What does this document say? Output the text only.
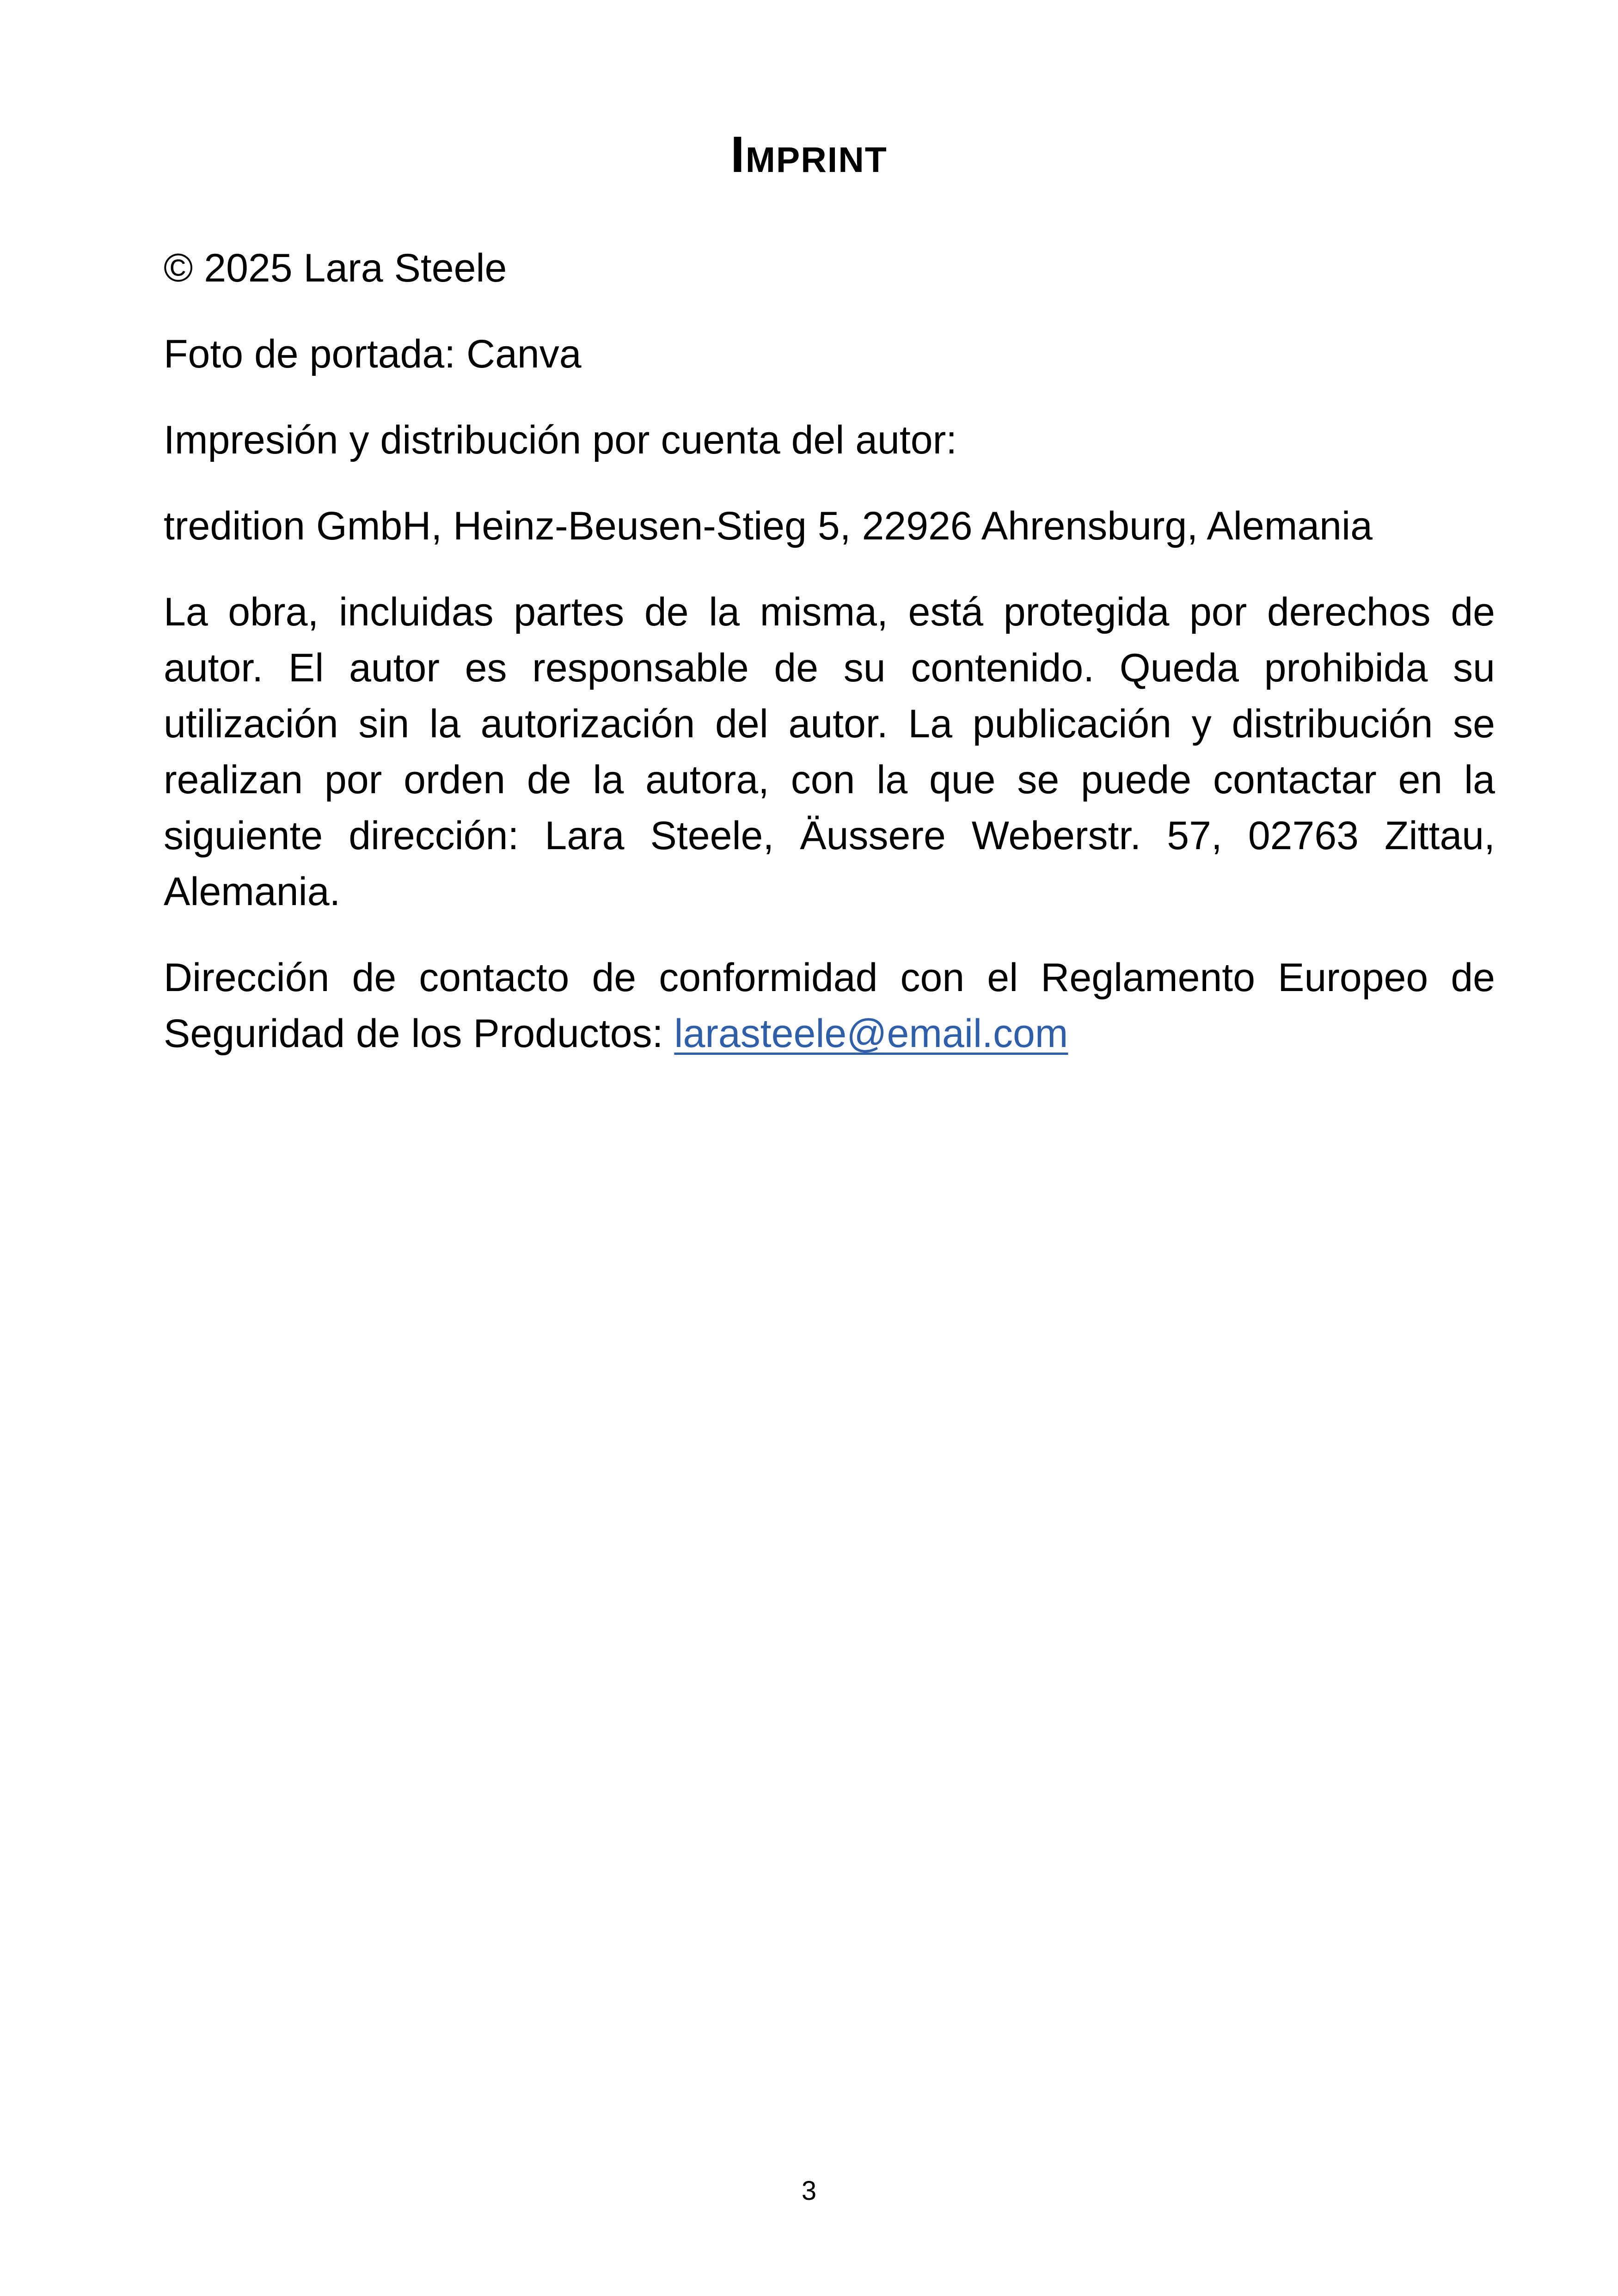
Imprint

© 2025 Lara Steele

Foto de portada: Canva

Impresión y distribución por cuenta del autor:

tredition GmbH, Heinz-Beusen-Stieg 5, 22926 Ahrensburg, Alemania

La obra, incluidas partes de la misma, está protegida por derechos de autor. El autor es responsable de su contenido. Queda prohibida su utilización sin la autorización del autor. La publicación y distribución se realizan por orden de la autora, con la que se puede contactar en la siguiente dirección: Lara Steele, Äussere Weberstr. 57, 02763 Zittau, Alemania.

Dirección de contacto de conformidad con el Reglamento Europeo de Seguridad de los Productos: larasteele@email.com

3
